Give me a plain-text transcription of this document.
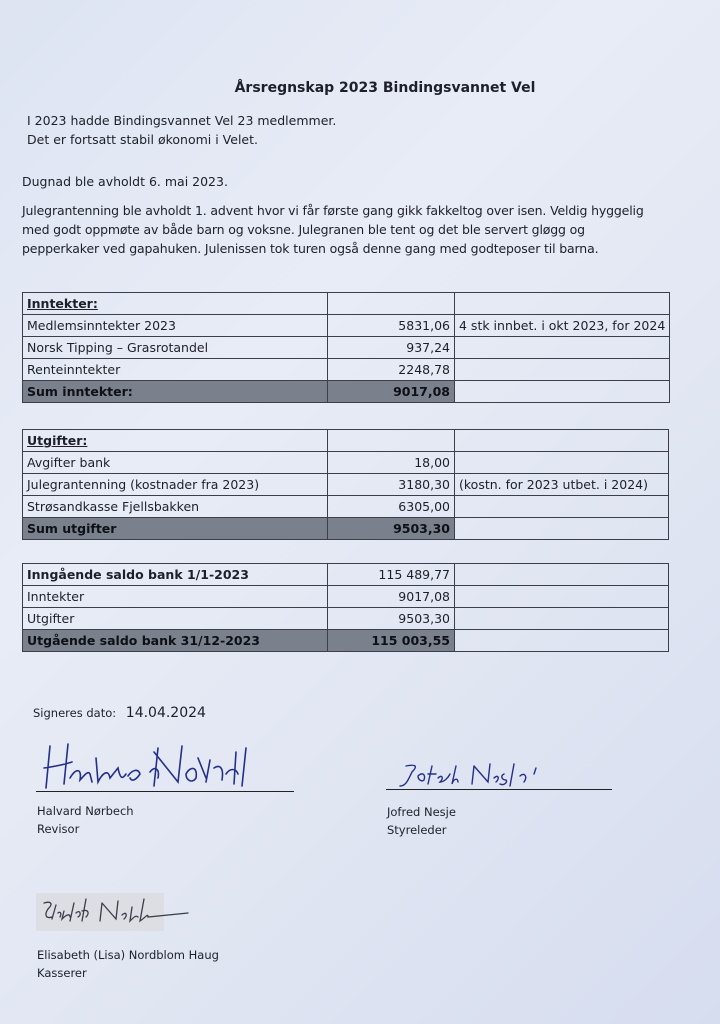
Årsregnskap 2023 Bindingsvannet Vel
I 2023 hadde Bindingsvannet Vel 23 medlemmer.
Det er fortsatt stabil økonomi i Velet.
Dugnad ble avholdt 6. mai 2023.
Julegrantenning ble avholdt 1. advent hvor vi får første gang gikk fakkeltog over isen. Veldig hyggelig
med godt oppmøte av både barn og voksne. Julegranen ble tent og det ble servert gløgg og
pepperkaker ved gapahuken. Julenissen tok turen også denne gang med godteposer til barna.
Inntekter:		
Medlemsinntekter 2023	5831,06	4 stk innbet. i okt 2023, for 2024
Norsk Tipping – Grasrotandel	937,24	
Renteinntekter	2248,78	
Sum inntekter:	9017,08	
Utgifter:		
Avgifter bank	18,00	
Julegrantenning (kostnader fra 2023)	3180,30	(kostn. for 2023 utbet. i 2024)
Strøsandkasse Fjellsbakken	6305,00	
Sum utgifter	9503,30	
Inngående saldo bank 1/1-2023	115 489,77	
Inntekter	9017,08	
Utgifter	9503,30	
Utgående saldo bank 31/12-2023	115 003,55	
Signeres dato: 14.04.2024
Halvard Nørbech
Revisor
Jofred Nesje
Styreleder
Elisabeth (Lisa) Nordblom Haug
Kasserer
